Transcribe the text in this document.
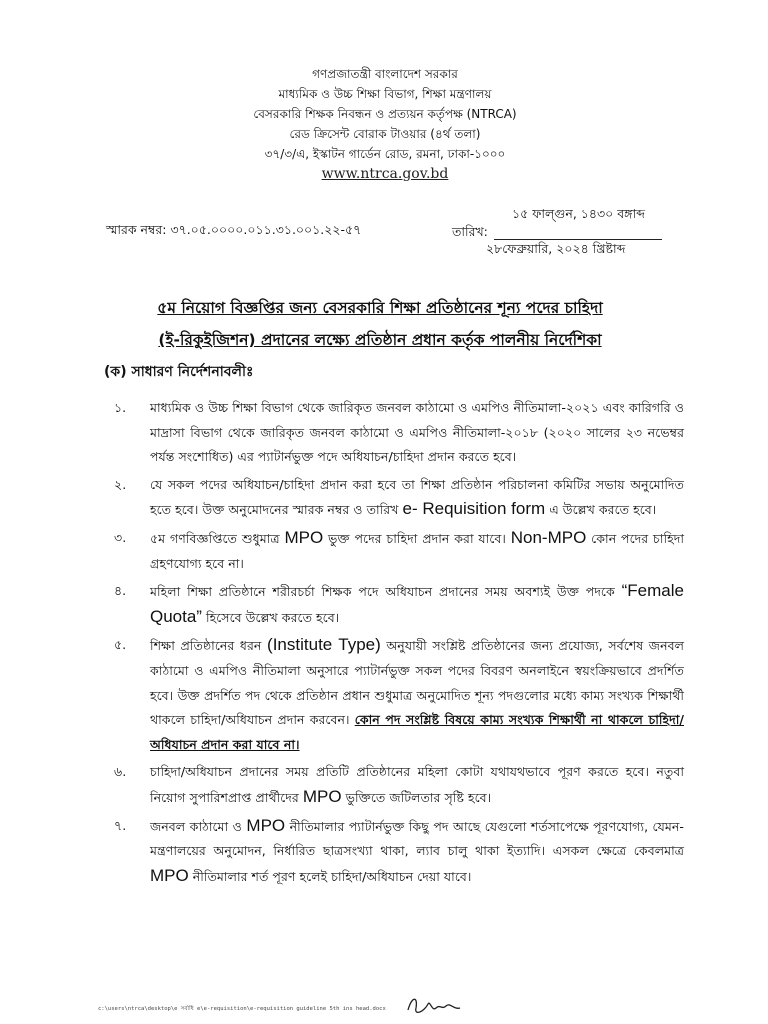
গণপ্রজাতন্ত্রী বাংলাদেশ সরকার
মাধ্যমিক ও উচ্চ শিক্ষা বিভাগ, শিক্ষা মন্ত্রণালয়
বেসরকারি শিক্ষক নিবন্ধন ও প্রত্যয়ন কর্তৃপক্ষ (NTRCA)
রেড ক্রিসেন্ট বোরাক টাওয়ার (৪র্থ তলা)
৩৭/৩/এ, ইস্কাটন গার্ডেন রোড, রমনা, ঢাকা-১০০০
www.ntrca.gov.bd
স্মারক নম্বর: ৩৭.০৫.০০০০.০১১.৩১.০০১.২২-৫৭
১৫ ফাল্গুন, ১৪৩০ বঙ্গাব্দ
তারিখ:
২৮ফেব্রুয়ারি, ২০২৪ খ্রিষ্টাব্দ
৫ম নিয়োগ বিজ্ঞপ্তির জন্য বেসরকারি শিক্ষা প্রতিষ্ঠানের শূন্য পদের চাহিদা
(ই-রিকুইজিশন) প্রদানের লক্ষ্যে প্রতিষ্ঠান প্রধান কর্তৃক পালনীয় নির্দেশিকা
(ক) সাধারণ নির্দেশনাবলীঃ
১.	মাধ্যমিক ও উচ্চ শিক্ষা বিভাগ থেকে জারিকৃত জনবল কাঠামো ও এমপিও নীতিমালা-২০২১ এবং কারিগরি ও মাদ্রাসা বিভাগ থেকে জারিকৃত জনবল কাঠামো ও এমপিও নীতিমালা-২০১৮ (২০২০ সালের ২৩ নভেম্বর পর্যন্ত সংশোধিত) এর প্যাটার্নভুক্ত পদে অধিযাচন/চাহিদা প্রদান করতে হবে।
২.	যে সকল পদের অধিযাচন/চাহিদা প্রদান করা হবে তা শিক্ষা প্রতিষ্ঠান পরিচালনা কমিটির সভায় অনুমোদিত হতে হবে। উক্ত অনুমোদনের স্মারক নম্বর ও তারিখ e- Requisition form এ উল্লেখ করতে হবে।
৩.	৫ম গণবিজ্ঞপ্তিতে শুধুমাত্র MPO ভুক্ত পদের চাহিদা প্রদান করা যাবে। Non-MPO কোন পদের চাহিদা গ্রহণযোগ্য হবে না।
৪.	মহিলা শিক্ষা প্রতিষ্ঠানে শরীরচর্চা শিক্ষক পদে অধিযাচন প্রদানের সময় অবশ্যই উক্ত পদকে “Female Quota” হিসেবে উল্লেখ করতে হবে।
৫.	শিক্ষা প্রতিষ্ঠানের ধরন (Institute Type) অনুযায়ী সংশ্লিষ্ট প্রতিষ্ঠানের জন্য প্রযোজ্য, সর্বশেষ জনবল কাঠামো ও এমপিও নীতিমালা অনুসারে প্যাটার্নভুক্ত সকল পদের বিবরণ অনলাইনে স্বয়ংক্রিয়ভাবে প্রদর্শিত হবে। উক্ত প্রদর্শিত পদ থেকে প্রতিষ্ঠান প্রধান শুধুমাত্র অনুমোদিত শূন্য পদগুলোর মধ্যে কাম্য সংখ্যক শিক্ষার্থী থাকলে চাহিদা/অধিযাচন প্রদান করবেন। কোন পদ সংশ্লিষ্ট বিষয়ে কাম্য সংখ্যক শিক্ষার্থী না থাকলে চাহিদা/অধিযাচন প্রদান করা যাবে না।
৬.	চাহিদা/অধিযাচন প্রদানের সময় প্রতিটি প্রতিষ্ঠানের মহিলা কোটা যথাযথভাবে পূরণ করতে হবে। নতুবা নিয়োগ সুপারিশপ্রাপ্ত প্রার্থীদের MPO ভুক্তিতে জটিলতার সৃষ্টি হবে।
৭.	জনবল কাঠামো ও MPO নীতিমালার প্যাটার্নভুক্ত কিছু পদ আছে যেগুলো শর্তসাপেক্ষে পূরণযোগ্য, যেমন-মন্ত্রণালয়ের অনুমোদন, নির্ধারিত ছাত্রসংখ্যা থাকা, ল্যাব চালু থাকা ইত্যাদি। এসকল ক্ষেত্রে কেবলমাত্র MPO নীতিমালার শর্ত পূরণ হলেই চাহিদা/অধিযাচন দেয়া যাবে।
c:\users\ntrca\desktop\e সর্বাধি e\e-requisition\e-requisition guideline 5th ins head.docx
